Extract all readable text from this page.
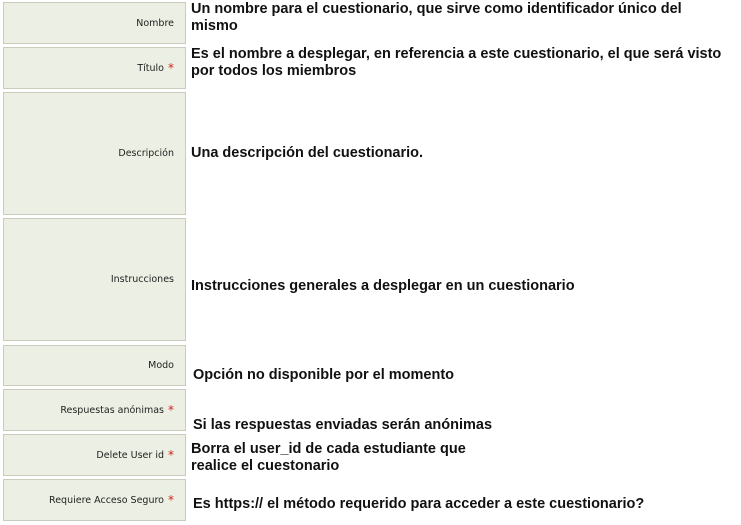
Nombre
Un nombre para el cuestionario, que sirve como identificador único del
mismo
Título *
Es el nombre a desplegar, en referencia a este cuestionario, el que será visto
por todos los miembros
Descripción Una descripción del cuestionario.
Instrucciones Instrucciones generales a desplegar en un cuestionario
Modo
Opción no disponible por el momento
Respuestas anónimas *
Si las respuestas enviadas serán anónimas
Delete User id * Borra el user_id de cada estudiante que
realice el cuestonario
Requiere Acceso Seguro * Es https:// el método requerido para acceder a este cuestionario?
